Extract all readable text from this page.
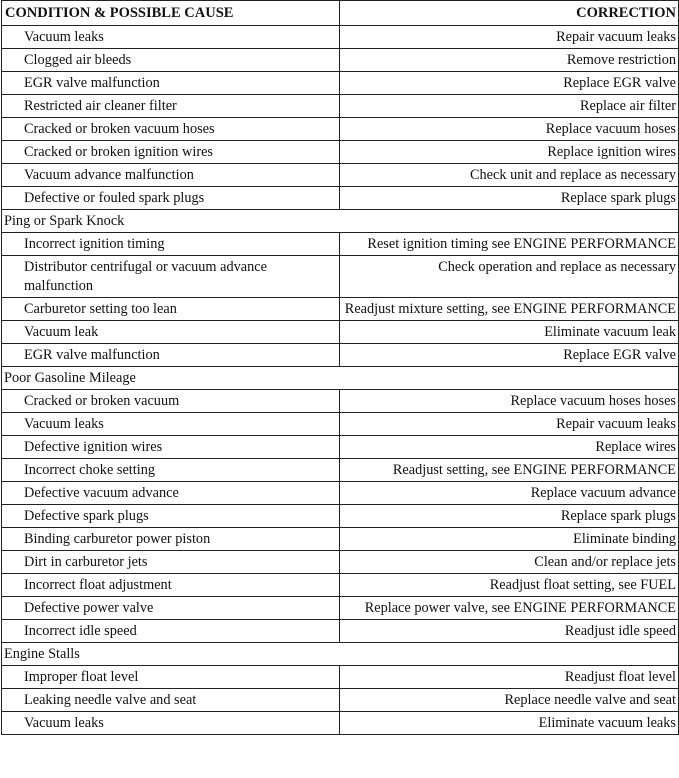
CONDITION & POSSIBLE CAUSE	CORRECTION
Vacuum leaks	Repair vacuum leaks
Clogged air bleeds	Remove restriction
EGR valve malfunction	Replace EGR valve
Restricted air cleaner filter	Replace air filter
Cracked or broken vacuum hoses	Replace vacuum hoses
Cracked or broken ignition wires	Replace ignition wires
Vacuum advance malfunction	Check unit and replace as necessary
Defective or fouled spark plugs	Replace spark plugs
Ping or Spark Knock	
Incorrect ignition timing	Reset ignition timing see ENGINE PERFORMANCE
Distributor centrifugal or vacuum advance malfunction	Check operation and replace as necessary
Carburetor setting too lean	Readjust mixture setting, see ENGINE PERFORMANCE
Vacuum leak	Eliminate vacuum leak
EGR valve malfunction	Replace EGR valve
Poor Gasoline Mileage	
Cracked or broken vacuum	Replace vacuum hoses hoses
Vacuum leaks	Repair vacuum leaks
Defective ignition wires	Replace wires
Incorrect choke setting	Readjust setting, see ENGINE PERFORMANCE
Defective vacuum advance	Replace vacuum advance
Defective spark plugs	Replace spark plugs
Binding carburetor power piston	Eliminate binding
Dirt in carburetor jets	Clean and/or replace jets
Incorrect float adjustment	Readjust float setting, see FUEL
Defective power valve	Replace power valve, see ENGINE PERFORMANCE
Incorrect idle speed	Readjust idle speed
Engine Stalls	
Improper float level	Readjust float level
Leaking needle valve and seat	Replace needle valve and seat
Vacuum leaks	Eliminate vacuum leaks
